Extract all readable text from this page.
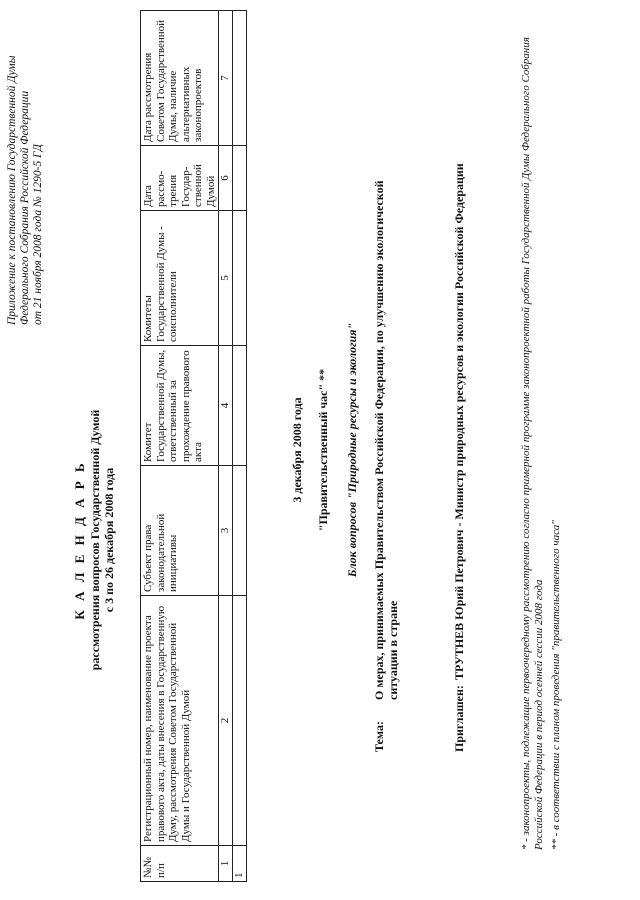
Приложение к постановлению Государственной Думы Федерального Собрания Российской Федерации от 21 ноября 2008 года № 1290-5 ГД
К А Л Е Н Д А Р Ь рассмотрения вопросов Государственной Думой с 3 по 26 декабря 2008 года
№№ п/п	Регистрационный номер, наименование проекта правового акта, даты внесения в Государственную Думу, рассмотрения Советом Государственной Думы и Государственной Думой	Субъект права законодательной инициативы	Комитет Государственной Думы, ответственный за прохождение правового акта	Комитеты Государственной Думы - соисполнители	Дата рассмо-трения Государ-ственной Думой	Дата рассмотрения Советом Государственной Думы, наличие альтернативных законопроектов
1	2	3	4	5	6	7
1						
3 декабря 2008 года "Правительственный час" ** Блок вопросов "Природные ресурсы и экология"
Тема:О мерах, принимаемых Правительством Российской Федерации, по улучшению экологической ситуации в стране
Приглашен:ТРУТНЕВ Юрий Петрович - Министр природных ресурсов и экологии Российской Федерации	* - законопроекты, подлежащие первоочередному рассмотрению согласно примерной программе законопроектной работы Государственной Думы Федерального Собрания Российской Федерации в период осенней сессии 2008 года ** - в соответствии с планом проведения "правительственного часа"
